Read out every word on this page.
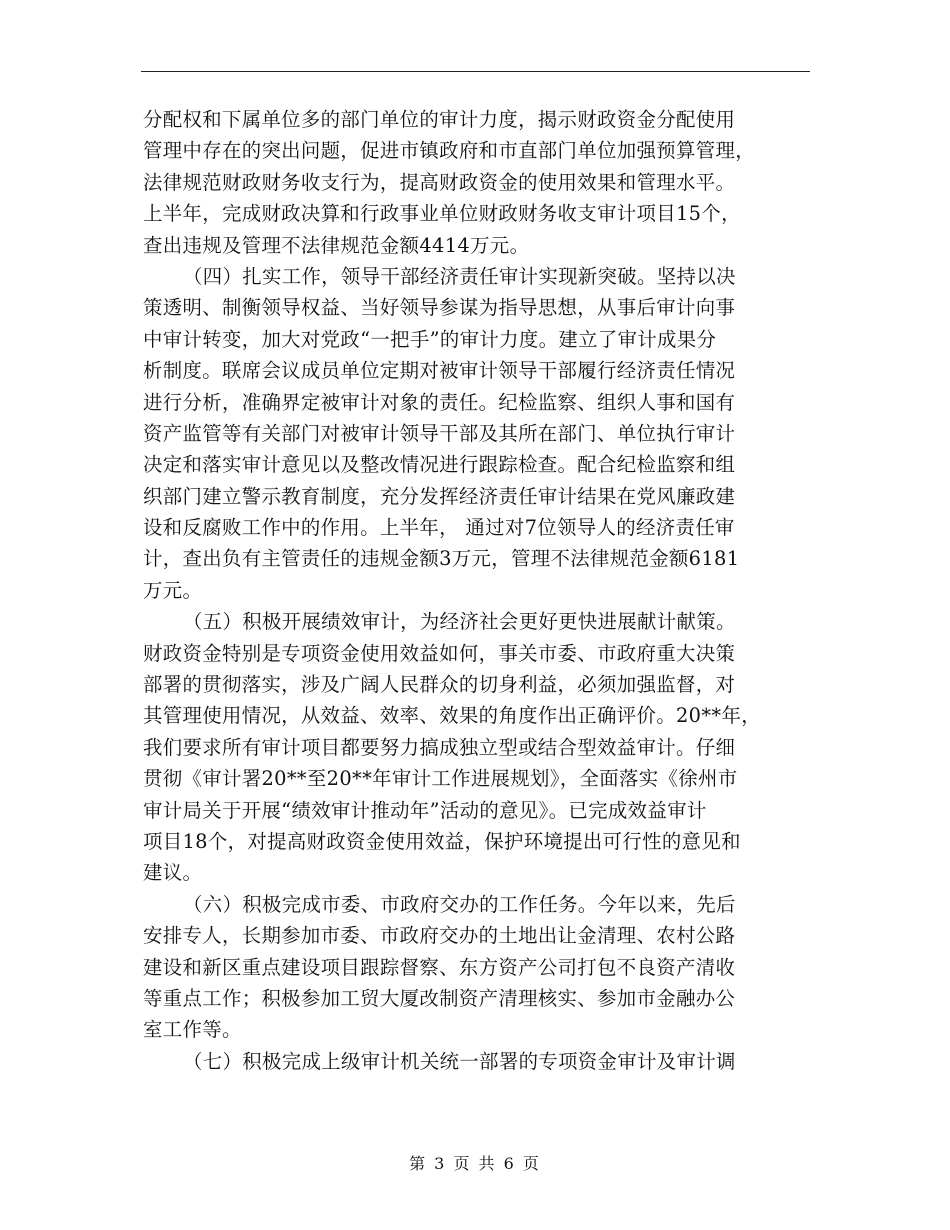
分配权和下属单位多的部门单位的审计力度，揭示财政资金分配使用
管理中存在的突出问题，促进市镇政府和市直部门单位加强预算管理，
法律规范财政财务收支行为，提高财政资金的使用效果和管理水平。
上半年，完成财政决算和行政事业单位财政财务收支审计项目15个，
查出违规及管理不法律规范金额4414万元。
（四）扎实工作，领导干部经济责任审计实现新突破。坚持以决
策透明、制衡领导权益、当好领导参谋为指导思想，从事后审计向事
中审计转变，加大对党政“一把手”的审计力度。建立了审计成果分
析制度。联席会议成员单位定期对被审计领导干部履行经济责任情况
进行分析，准确界定被审计对象的责任。纪检监察、组织人事和国有
资产监管等有关部门对被审计领导干部及其所在部门、单位执行审计
决定和落实审计意见以及整改情况进行跟踪检查。配合纪检监察和组
织部门建立警示教育制度，充分发挥经济责任审计结果在党风廉政建
设和反腐败工作中的作用。上半年， 通过对7位领导人的经济责任审
计，查出负有主管责任的违规金额3万元，管理不法律规范金额6181
万元。
（五）积极开展绩效审计，为经济社会更好更快进展献计献策。
财政资金特别是专项资金使用效益如何，事关市委、市政府重大决策
部署的贯彻落实，涉及广阔人民群众的切身利益，必须加强监督，对
其管理使用情况，从效益、效率、效果的角度作出正确评价。20**年，
我们要求所有审计项目都要努力搞成独立型或结合型效益审计。仔细
贯彻《审计署20**至20**年审计工作进展规划》，全面落实《徐州市
审计局关于开展“绩效审计推动年”活动的意见》。已完成效益审计
项目18个，对提高财政资金使用效益，保护环境提出可行性的意见和
建议。
（六）积极完成市委、市政府交办的工作任务。今年以来，先后
安排专人，长期参加市委、市政府交办的土地出让金清理、农村公路
建设和新区重点建设项目跟踪督察、东方资产公司打包不良资产清收
等重点工作；积极参加工贸大厦改制资产清理核实、参加市金融办公
室工作等。
（七）积极完成上级审计机关统一部署的专项资金审计及审计调
第 3 页 共 6 页
